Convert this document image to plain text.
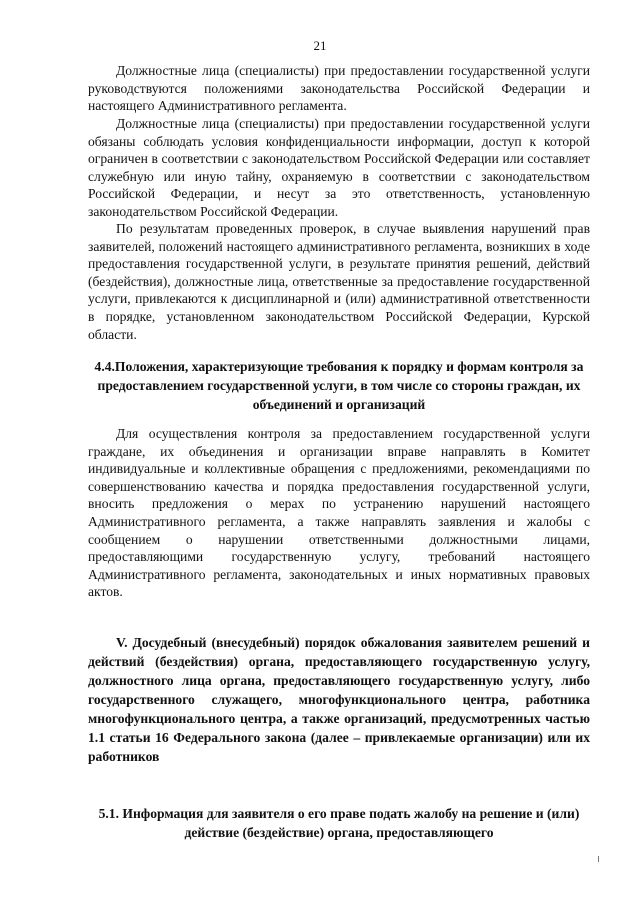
21

Должностные лица (специалисты) при предоставлении государственной услуги руководствуются положениями законодательства Российской Федерации и настоящего Административного регламента.

Должностные лица (специалисты) при предоставлении государственной услуги обязаны соблюдать условия конфиденциальности информации, доступ к которой ограничен в соответствии с законодательством Российской Федерации или составляет служебную или иную тайну, охраняемую в соответствии с законодательством Российской Федерации, и несут за это ответственность, установленную законодательством Российской Федерации.

По результатам проведенных проверок, в случае выявления нарушений прав заявителей, положений настоящего административного регламента, возникших в ходе предоставления государственной услуги, в результате принятия решений, действий (бездействия), должностные лица, ответственные за предоставление государственной услуги, привлекаются к дисциплинарной и (или) административной ответственности в порядке, установленном законодательством Российской Федерации, Курской области.

4.4.Положения, характеризующие требования к порядку и формам контроля за предоставлением государственной услуги, в том числе со стороны граждан, их объединений и организаций

Для осуществления контроля за предоставлением государственной услуги граждане, их объединения и организации вправе направлять в Комитет индивидуальные и коллективные обращения с предложениями, рекомендациями по совершенствованию качества и порядка предоставления государственной услуги, вносить предложения о мерах по устранению нарушений настоящего Административного регламента, а также направлять заявления и жалобы с сообщением о нарушении ответственными должностными лицами, предоставляющими государственную услугу, требований настоящего Административного регламента, законодательных и иных нормативных правовых актов.

V. Досудебный (внесудебный) порядок обжалования заявителем решений и действий (бездействия) органа, предоставляющего государственную услугу, должностного лица органа, предоставляющего государственную услугу, либо государственного служащего, многофункционального центра, работника многофункционального центра, а также организаций, предусмотренных частью 1.1 статьи 16 Федерального закона (далее – привлекаемые организации) или их работников

5.1. Информация для заявителя о его праве подать жалобу на решение и (или) действие (бездействие) органа, предоставляющего
